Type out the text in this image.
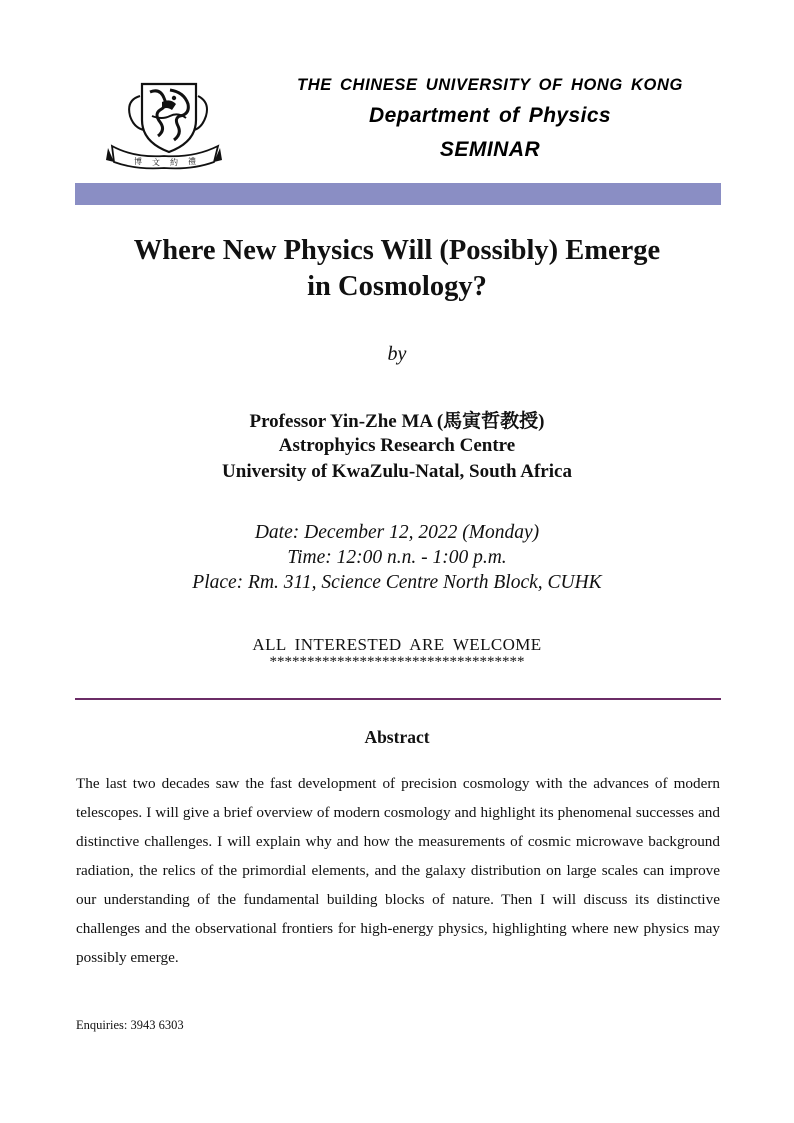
博 文 約 禮
THE CHINESE UNIVERSITY OF HONG KONG
Department of Physics
SEMINAR
Where New Physics Will (Possibly) Emerge
in Cosmology?
by
Professor Yin-Zhe MA (馬寅哲教授)
Astrophyics Research Centre
University of KwaZulu-Natal, South Africa
Date: December 12, 2022 (Monday)
Time: 12:00 n.n. - 1:00 p.m.
Place: Rm. 311, Science Centre North Block, CUHK
ALL INTERESTED ARE WELCOME
**********************************
Abstract
The last two decades saw the fast development of precision cosmology with the advances of modern telescopes. I will give a brief overview of modern cosmology and highlight its phenomenal successes and distinctive challenges. I will explain why and how the measurements of cosmic microwave background radiation, the relics of the primordial elements, and the galaxy distribution on large scales can improve our understanding of the fundamental building blocks of nature. Then I will discuss its distinctive challenges and the observational frontiers for high-energy physics, highlighting where new physics may possibly emerge.
Enquiries: 3943 6303
